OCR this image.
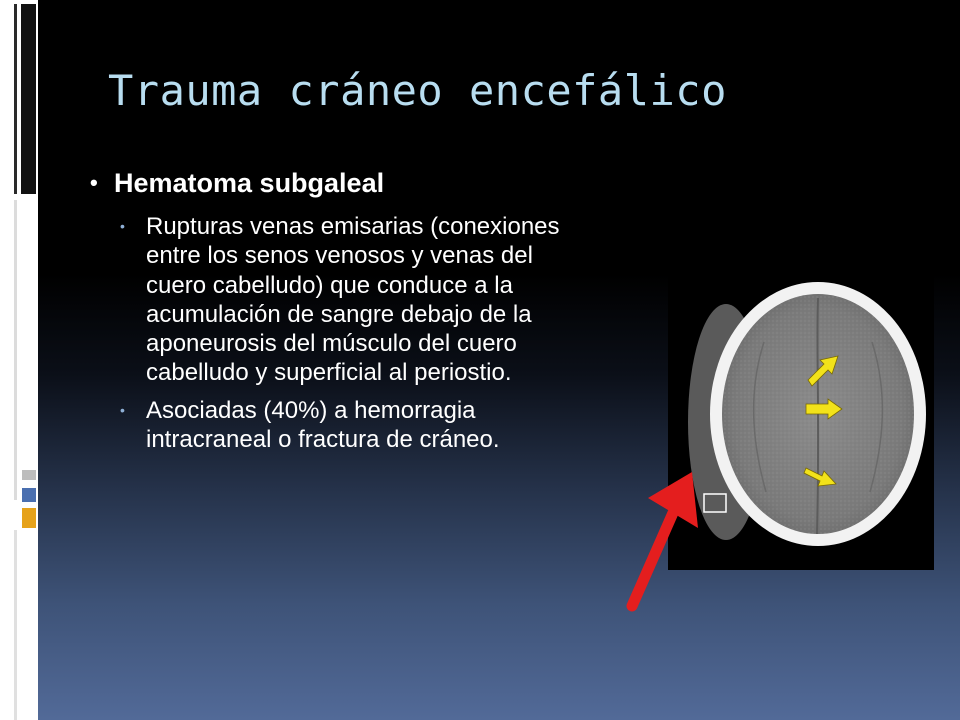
Trauma cráneo encefálico
• Hematoma subgaleal
• Rupturas venas emisarias (conexiones entre los senos venosos y venas del cuero cabelludo) que conduce a la acumulación de sangre debajo de la aponeurosis del músculo del cuero cabelludo y superficial al periostio.
• Asociadas (40%) a hemorragia intracraneal o fractura de cráneo.
